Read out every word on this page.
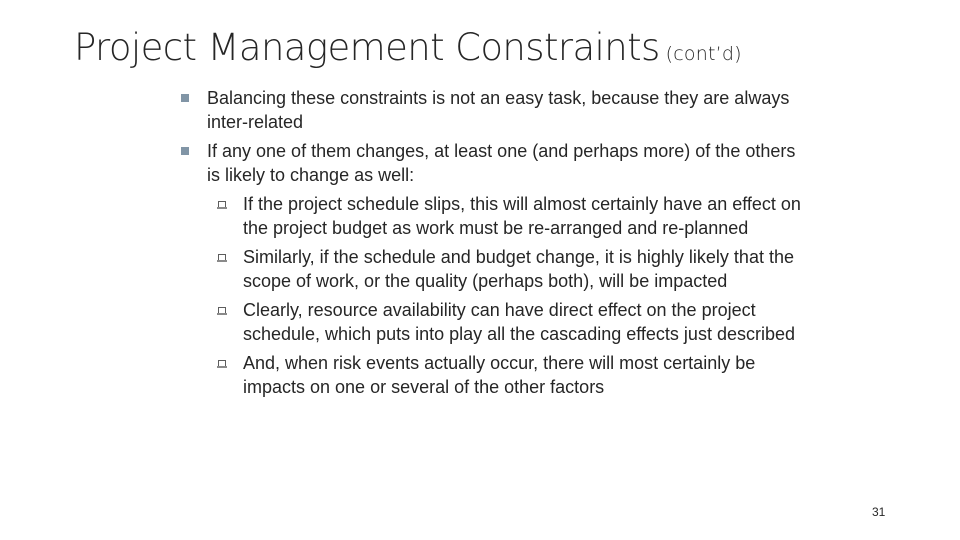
Project Management Constraints (cont’d)
Balancing these constraints is not an easy task, because they are always inter-related
If any one of them changes, at least one (and perhaps more) of the others is likely to change as well:
If the project schedule slips, this will almost certainly have an effect on the project budget as work must be re-arranged and re-planned
Similarly, if the schedule and budget change, it is highly likely that the scope of work, or the quality (perhaps both), will be impacted
Clearly, resource availability can have direct effect on the project schedule, which puts into play all the cascading effects just described
And, when risk events actually occur, there will most certainly be impacts on one or several of the other factors
31
